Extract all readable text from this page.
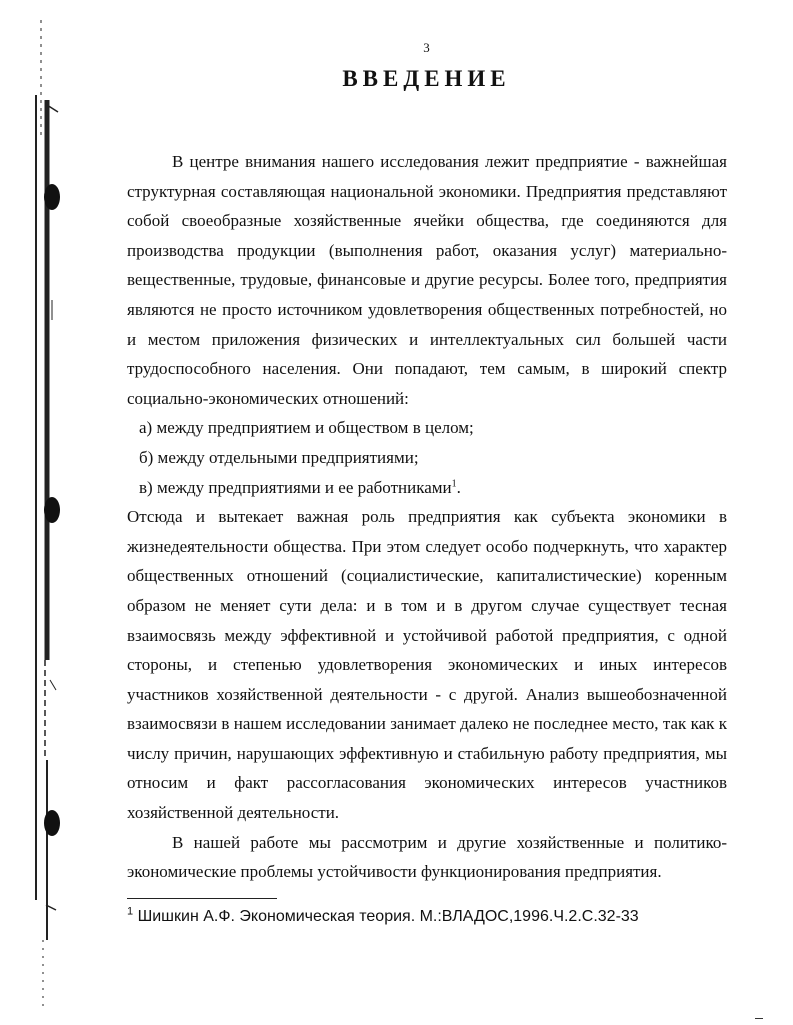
3
ВВЕДЕНИЕ

В центре внимания нашего исследования лежит предприятие - важнейшая структурная составляющая национальной экономики. Предприятия представляют собой своеобразные хозяйственные ячейки общества, где соединяются для производства продукции (выполнения работ, оказания услуг) материально-вещественные, трудовые, финансовые и другие ресурсы. Более того, предприятия являются не просто источником удовлетворения общественных потребностей, но и местом приложения физических и интеллектуальных сил большей части трудоспособного населения. Они попадают, тем самым, в широкий спектр социально-экономических отношений:

а) между предприятием и обществом в целом;

б) между отдельными предприятиями;

в) между предприятиями и ее работниками$^1$.

Отсюда и вытекает важная роль предприятия как субъекта экономики в жизнедеятельности общества. При этом следует особо подчеркнуть, что характер общественных отношений (социалистические, капиталистические) коренным образом не меняет сути дела: и в том и в другом случае существует тесная взаимосвязь между эффективной и устойчивой работой предприятия, с одной стороны, и степенью удовлетворения экономических и иных интересов участников хозяйственной деятельности - с другой. Анализ вышеобозначенной взаимосвязи в нашем исследовании занимает далеко не последнее место, так как к числу причин, нарушающих эффективную и стабильную работу предприятия, мы относим и факт рассогласования экономических интересов участников хозяйственной деятельности.

В нашей работе мы рассмотрим и другие хозяйственные и политико-экономические проблемы устойчивости функционирования предприятия.

$^1$ Шишкин А.Ф. Экономическая теория. М.:ВЛАДОС,1996.Ч.2.С.32-33
